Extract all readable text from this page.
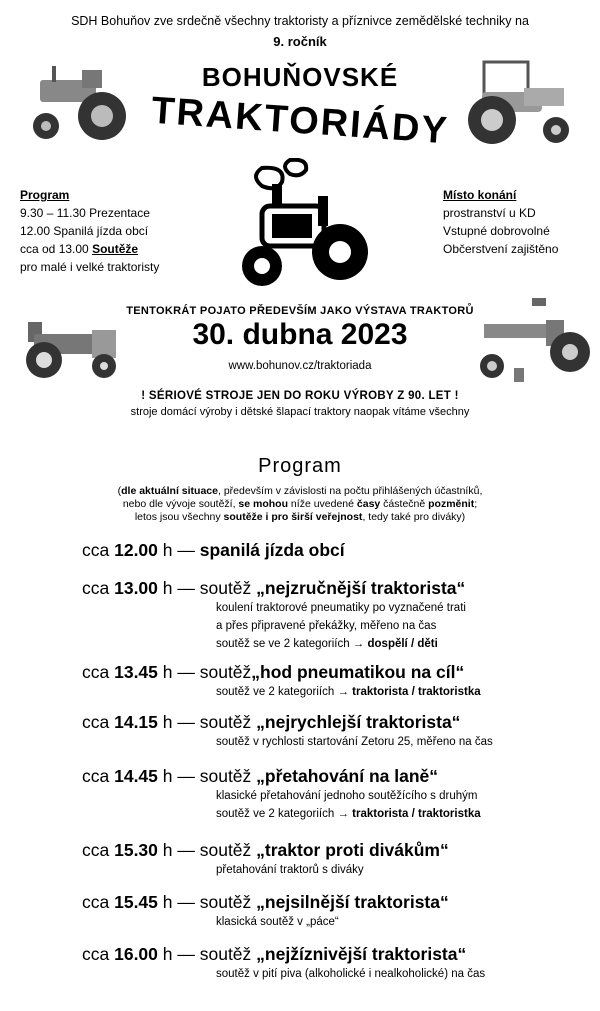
SDH Bohuňov zve srdečně všechny traktoristy a příznivce zemědělské techniky na
9. ročník
BOHUŇOVSKÉ
TRAKTORIÁDY
Program
9.30 – 11.30 Prezentace
12.00 Spanilá jízda obcí
cca od 13.00 Soutěže
pro malé i velké traktoristy
Místo konání
prostranství u KD
Vstupné dobrovolné
Občerstvení zajištěno
TENTOKRÁT POJATO PŘEDEVŠÍM JAKO VÝSTAVA TRAKTORŮ
30. dubna 2023
www.bohunov.cz/traktoriada
! SÉRIOVÉ STROJE JEN DO ROKU VÝROBY Z 90. LET !
stroje domácí výroby i dětské šlapací traktory naopak vítáme všechny
Program
(dle aktuální situace, především v závislosti na počtu přihlášených účastníků,
nebo dle vývoje soutěží, se mohou níže uvedené časy částečně pozměnit;
letos jsou všechny soutěže i pro širší veřejnost, tedy také pro diváky)
cca 12.00 h — spanilá jízda obcí
cca 13.00 h — soutěž „nejzručnější traktorista“
koulení traktorové pneumatiky po vyznačené trati
a přes připravené překážky, měřeno na čas
soutěž se ve 2 kategoriích → dospělí / děti
cca 13.45 h — soutěž„hod pneumatikou na cíl“
soutěž ve 2 kategoriích → traktorista / traktoristka
cca 14.15 h — soutěž „nejrychlejší traktorista“
soutěž v rychlosti startování Zetoru 25, měřeno na čas
cca 14.45 h — soutěž „přetahování na laně“
klasické přetahování jednoho soutěžícího s druhým
soutěž ve 2 kategoriích → traktorista / traktoristka
cca 15.30 h — soutěž „traktor proti divákům“
přetahování traktorů s diváky
cca 15.45 h — soutěž „nejsilnější traktorista“
klasická soutěž v „páce“
cca 16.00 h — soutěž „nejžíznivější traktorista“
soutěž v pití piva (alkoholické i nealkoholické) na čas
